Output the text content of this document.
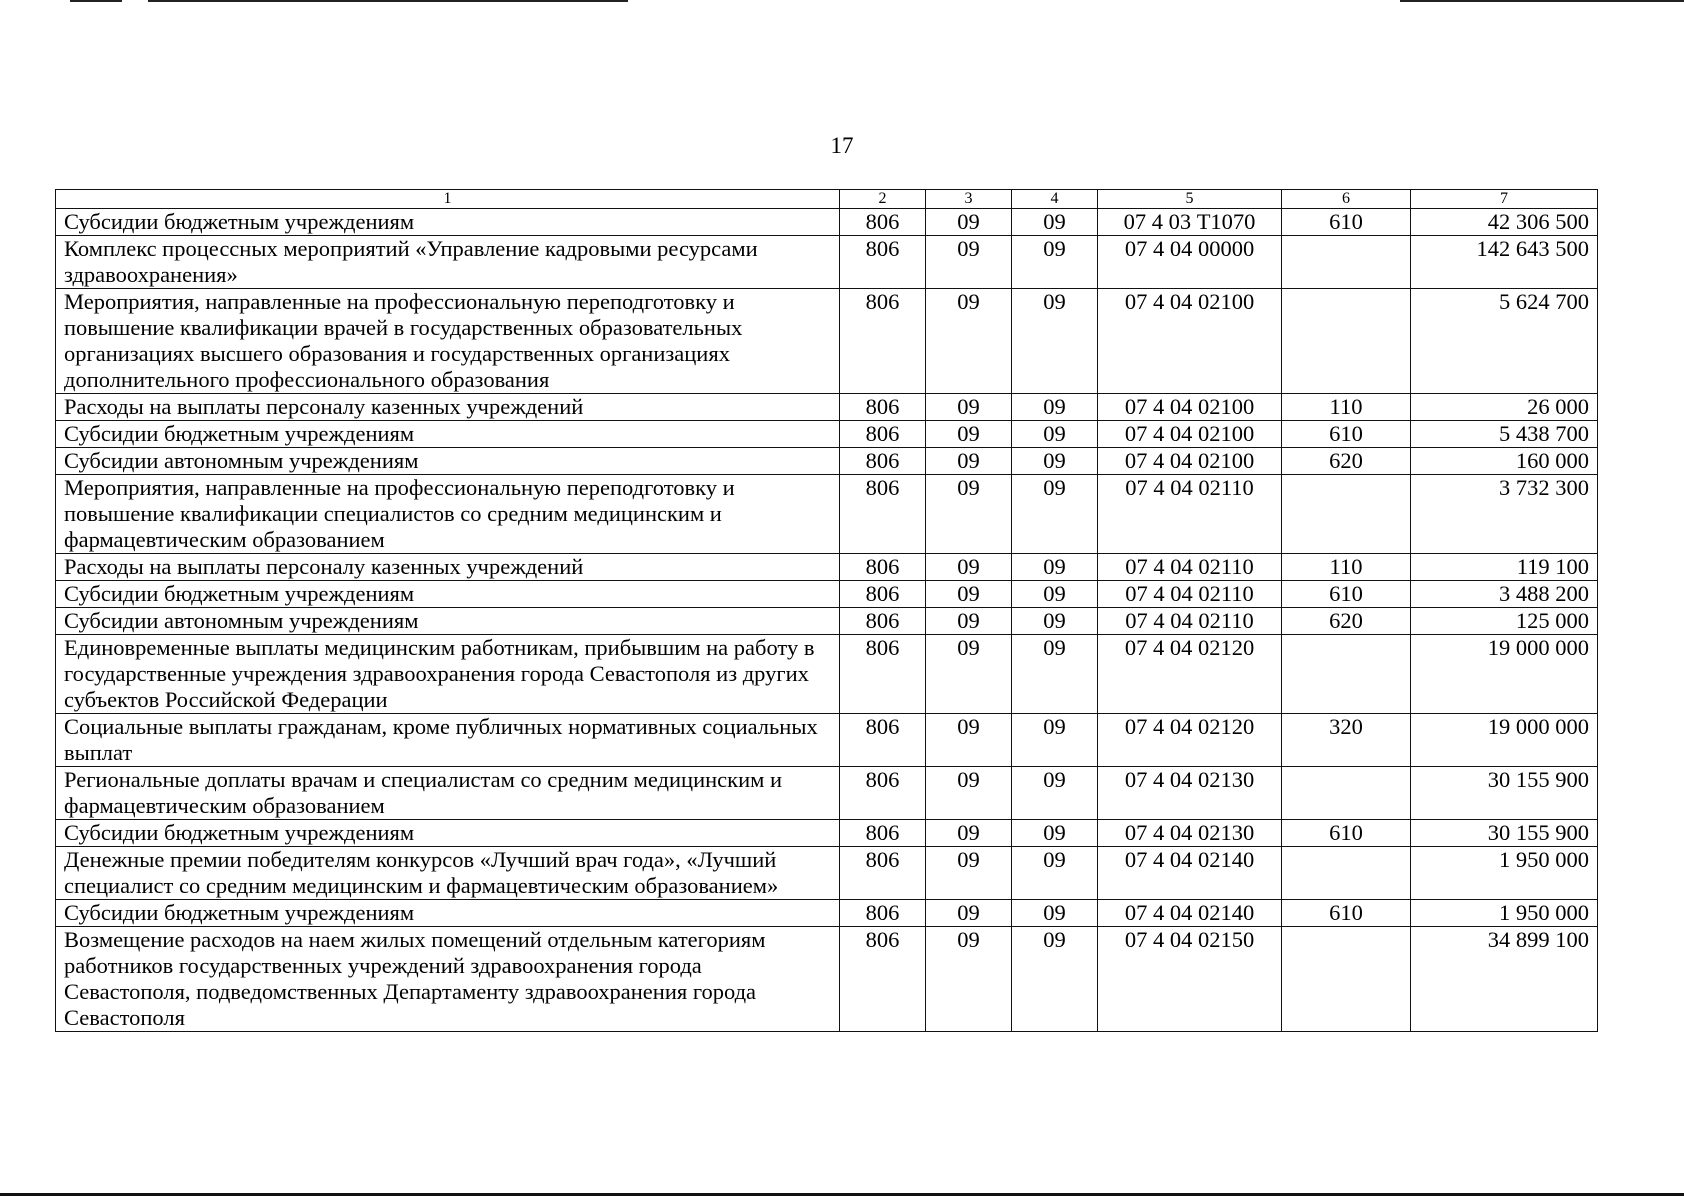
17
1	2	3	4	5	6	7
Субсидии бюджетным учреждениям	806	09	09	07 4 03 Т1070	610	42 306 500
Комплекс процессных мероприятий «Управление кадровыми ресурсами здравоохранения»	806	09	09	07 4 04 00000		142 643 500
Мероприятия, направленные на профессиональную переподготовку и повышение квалификации врачей в государственных образовательных организациях высшего образования и государственных организациях дополнительного профессионального образования	806	09	09	07 4 04 02100		5 624 700
Расходы на выплаты персоналу казенных учреждений	806	09	09	07 4 04 02100	110	26 000
Субсидии бюджетным учреждениям	806	09	09	07 4 04 02100	610	5 438 700
Субсидии автономным учреждениям	806	09	09	07 4 04 02100	620	160 000
Мероприятия, направленные на профессиональную переподготовку и повышение квалификации специалистов со средним медицинским и фармацевтическим образованием	806	09	09	07 4 04 02110		3 732 300
Расходы на выплаты персоналу казенных учреждений	806	09	09	07 4 04 02110	110	119 100
Субсидии бюджетным учреждениям	806	09	09	07 4 04 02110	610	3 488 200
Субсидии автономным учреждениям	806	09	09	07 4 04 02110	620	125 000
Единовременные выплаты медицинским работникам, прибывшим на работу в государственные учреждения здравоохранения города Севастополя из других субъектов Российской Федерации	806	09	09	07 4 04 02120		19 000 000
Социальные выплаты гражданам, кроме публичных нормативных социальных выплат	806	09	09	07 4 04 02120	320	19 000 000
Региональные доплаты врачам и специалистам со средним медицинским и фармацевтическим образованием	806	09	09	07 4 04 02130		30 155 900
Субсидии бюджетным учреждениям	806	09	09	07 4 04 02130	610	30 155 900
Денежные премии победителям конкурсов «Лучший врач года», «Лучший специалист со средним медицинским и фармацевтическим образованием»	806	09	09	07 4 04 02140		1 950 000
Субсидии бюджетным учреждениям	806	09	09	07 4 04 02140	610	1 950 000
Возмещение расходов на наем жилых помещений отдельным категориям работников государственных учреждений здравоохранения города Севастополя, подведомственных Департаменту здравоохранения города Севастополя	806	09	09	07 4 04 02150		34 899 100
